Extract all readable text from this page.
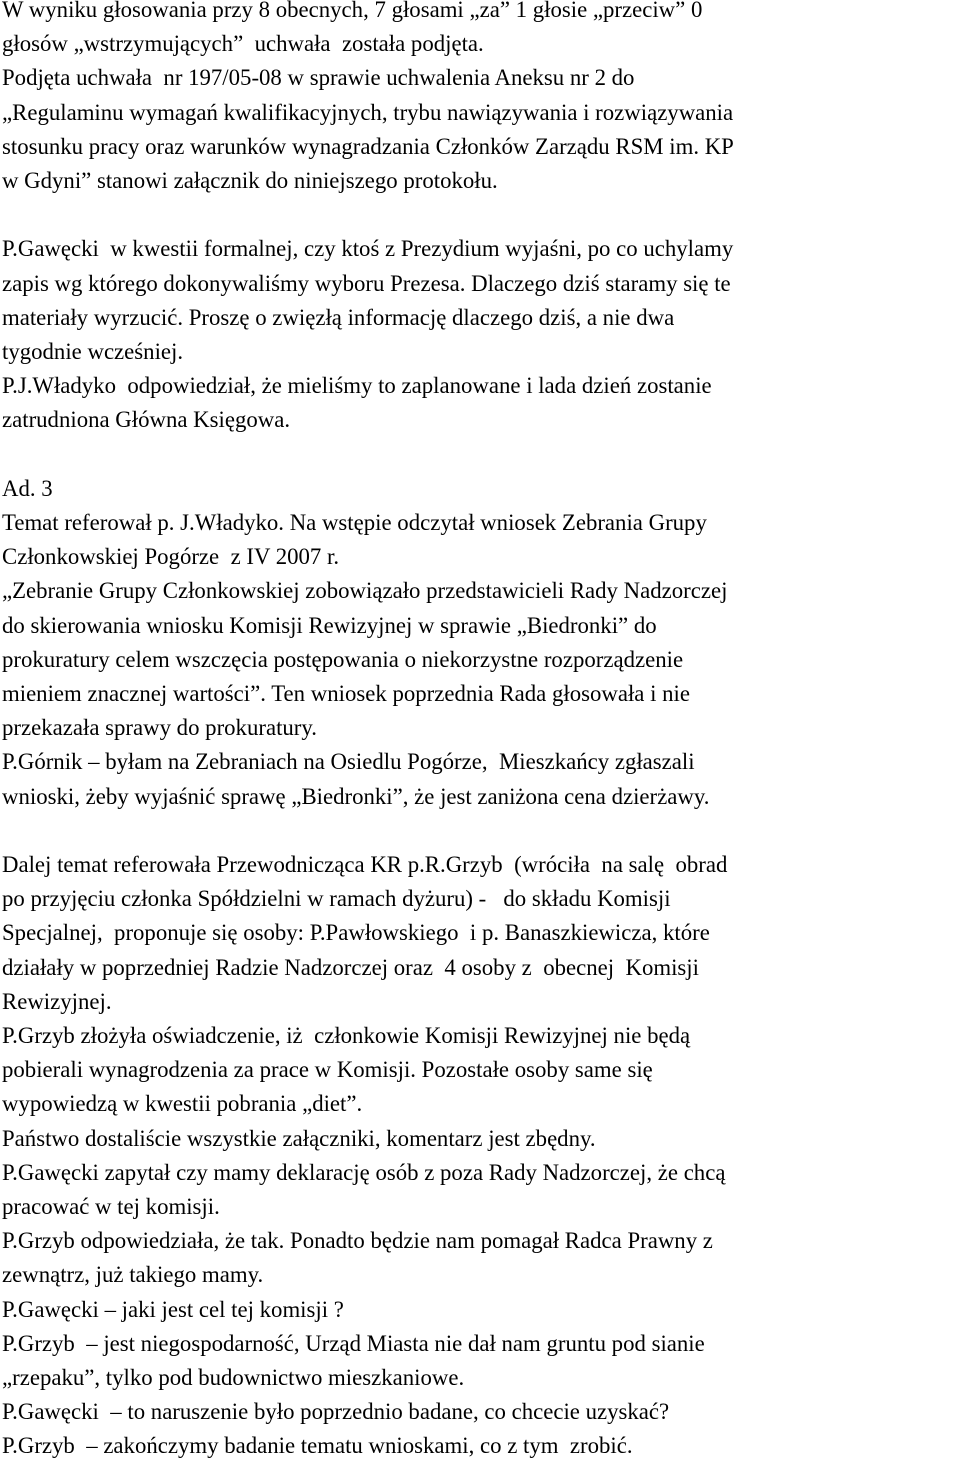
W wyniku głosowania przy 8 obecnych, 7 głosami „za” 1 głosie „przeciw” 0
głosów „wstrzymujących”  uchwała  została podjęta.
Podjęta uchwała  nr 197/05-08 w sprawie uchwalenia Aneksu nr 2 do
„Regulaminu wymagań kwalifikacyjnych, trybu nawiązywania i rozwiązywania
stosunku pracy oraz warunków wynagradzania Członków Zarządu RSM im. KP
w Gdyni” stanowi załącznik do niniejszego protokołu.
P.Gawęcki  w kwestii formalnej, czy ktoś z Prezydium wyjaśni, po co uchylamy
zapis wg którego dokonywaliśmy wyboru Prezesa. Dlaczego dziś staramy się te
materiały wyrzucić. Proszę o zwięzłą informację dlaczego dziś, a nie dwa
tygodnie wcześniej.
P.J.Władyko  odpowiedział, że mieliśmy to zaplanowane i lada dzień zostanie
zatrudniona Główna Księgowa.
Ad. 3
Temat referował p. J.Władyko. Na wstępie odczytał wniosek Zebrania Grupy
Członkowskiej Pogórze  z IV 2007 r.
„Zebranie Grupy Członkowskiej zobowiązało przedstawicieli Rady Nadzorczej
do skierowania wniosku Komisji Rewizyjnej w sprawie „Biedronki” do
prokuratury celem wszczęcia postępowania o niekorzystne rozporządzenie
mieniem znacznej wartości”. Ten wniosek poprzednia Rada głosowała i nie
przekazała sprawy do prokuratury.
P.Górnik – byłam na Zebraniach na Osiedlu Pogórze,  Mieszkańcy zgłaszali
wnioski, żeby wyjaśnić sprawę „Biedronki”, że jest zaniżona cena dzierżawy.
Dalej temat referowała Przewodnicząca KR p.R.Grzyb  (wróciła  na salę  obrad
po przyjęciu członka Spółdzielni w ramach dyżuru) -   do składu Komisji
Specjalnej,  proponuje się osoby: P.Pawłowskiego  i p. Banaszkiewicza, które
działały w poprzedniej Radzie Nadzorczej oraz  4 osoby z  obecnej  Komisji
Rewizyjnej.
P.Grzyb złożyła oświadczenie, iż  członkowie Komisji Rewizyjnej nie będą
pobierali wynagrodzenia za prace w Komisji. Pozostałe osoby same się
wypowiedzą w kwestii pobrania „diet”.
Państwo dostaliście wszystkie załączniki, komentarz jest zbędny.
P.Gawęcki zapytał czy mamy deklarację osób z poza Rady Nadzorczej, że chcą
pracować w tej komisji.
P.Grzyb odpowiedziała, że tak. Ponadto będzie nam pomagał Radca Prawny z
zewnątrz, już takiego mamy.
P.Gawęcki – jaki jest cel tej komisji ?
P.Grzyb  – jest niegospodarność, Urząd Miasta nie dał nam gruntu pod sianie
„rzepaku”, tylko pod budownictwo mieszkaniowe.
P.Gawęcki  – to naruszenie było poprzednio badane, co chcecie uzyskać?
P.Grzyb  – zakończymy badanie tematu wnioskami, co z tym  zrobić.
